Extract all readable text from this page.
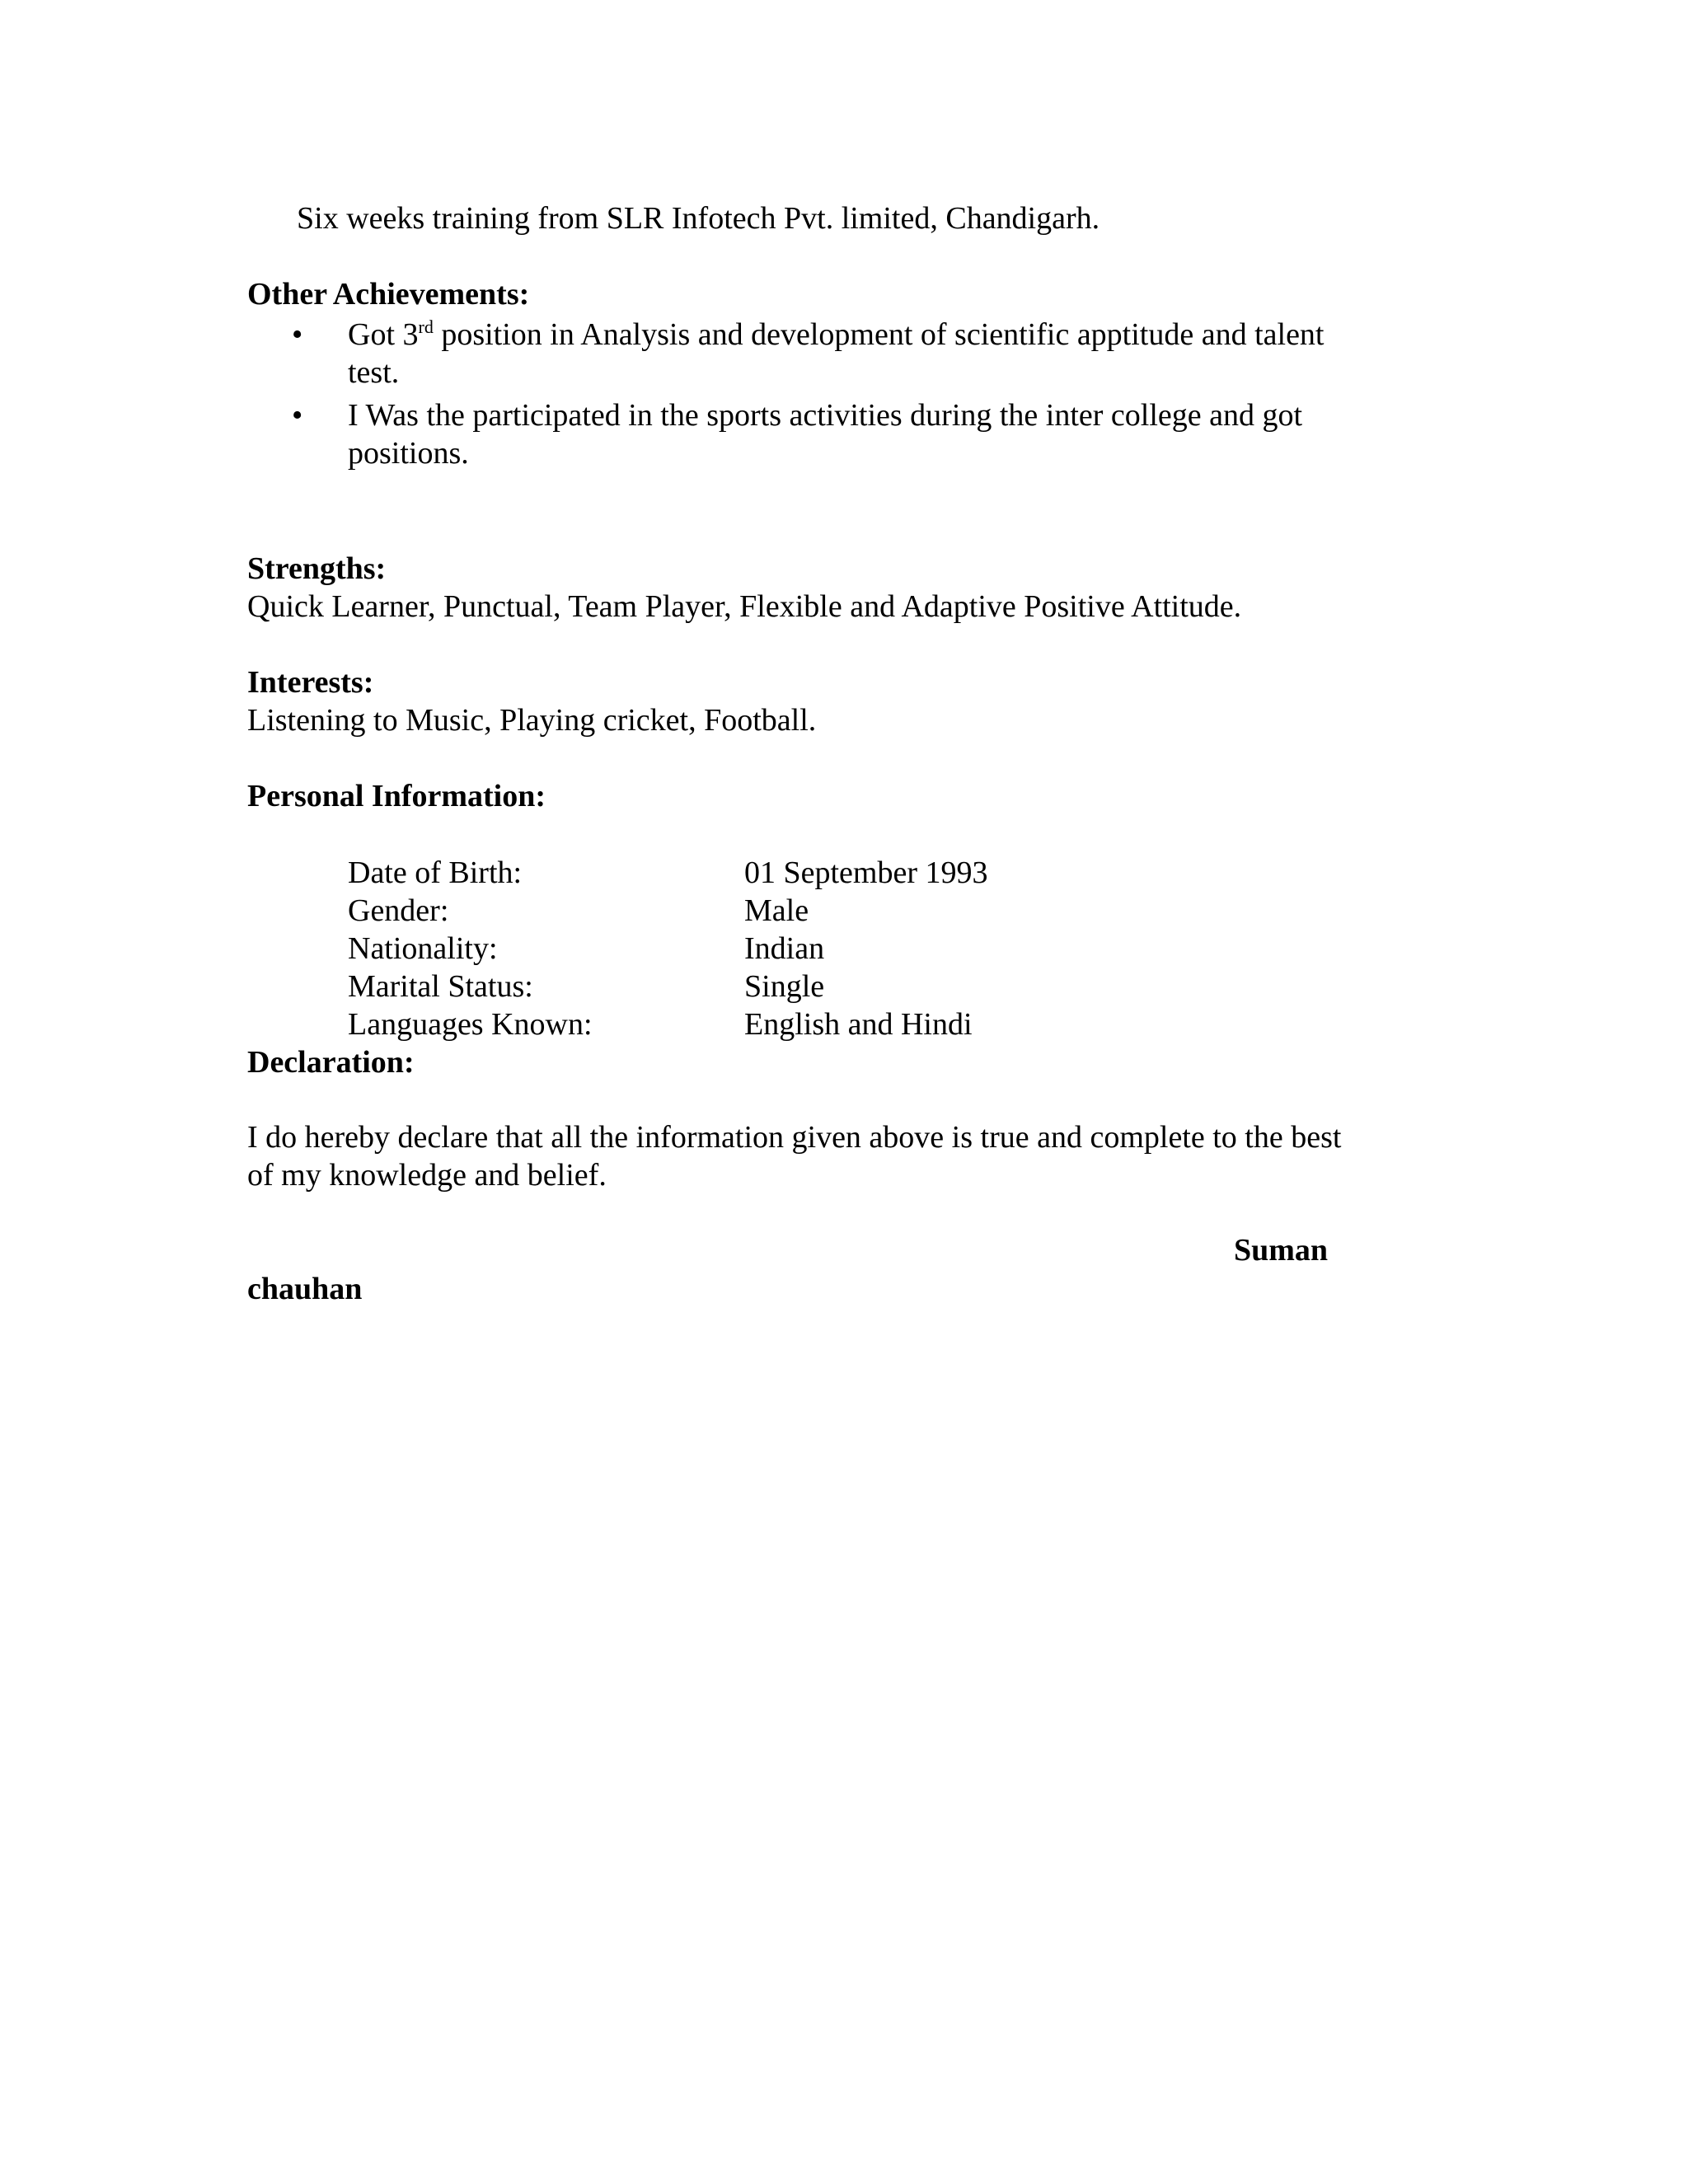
Six weeks training from SLR Infotech Pvt. limited, Chandigarh.
Other Achievements:
• Got 3rd position in Analysis and development of scientific apptitude and talent
test.
• I Was the participated in the sports activities during the inter college and got
positions.
Strengths:
Quick Learner, Punctual, Team Player, Flexible and Adaptive Positive Attitude.
Interests:
Listening to Music, Playing cricket, Football.
Personal Information:
Date of Birth:	01 September 1993
Gender:	Male
Nationality:	Indian
Marital Status:	Single
Languages Known:	English and Hindi
Declaration:
I do hereby declare that all the information given above is true and complete to the best
of my knowledge and belief.
Suman
chauhan
